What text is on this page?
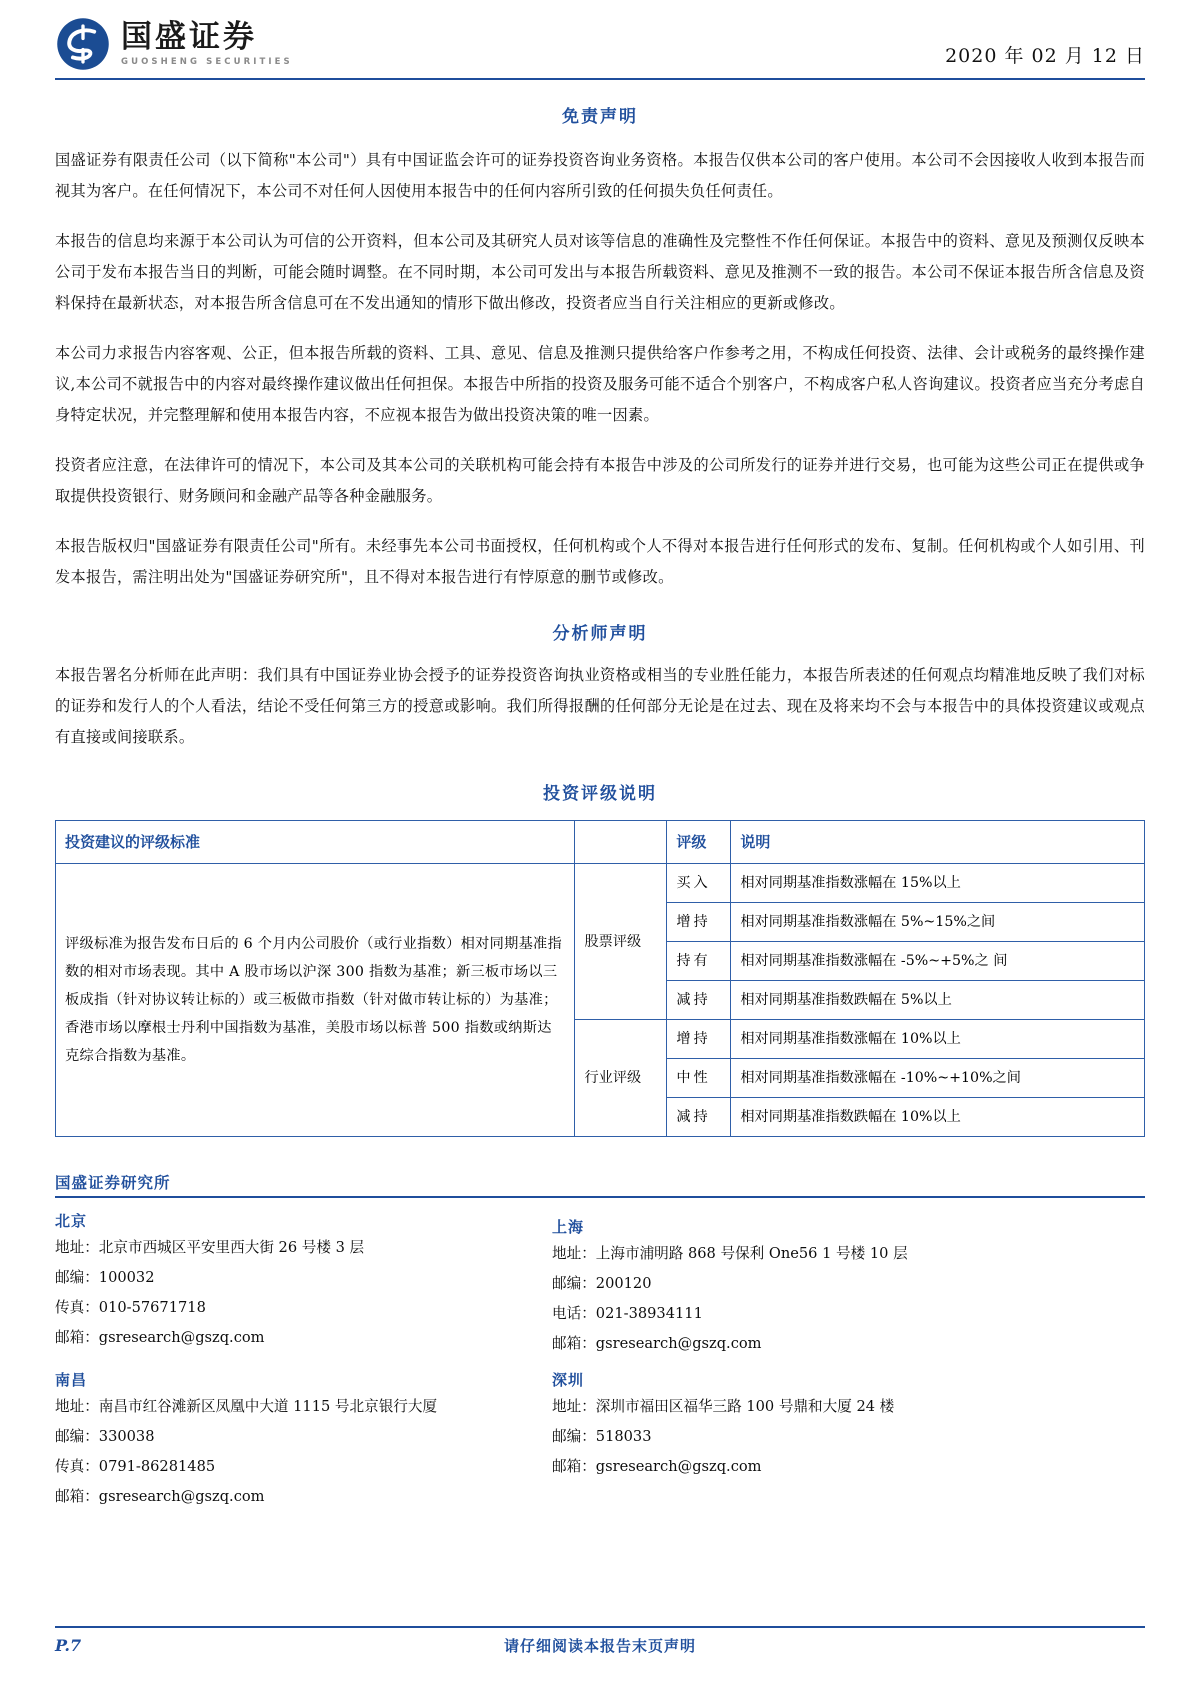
国盛证券
GUOSHENG SECURITIES	2020 年 02 月 12 日
免责声明

国盛证券有限责任公司（以下简称"本公司"）具有中国证监会许可的证券投资咨询业务资格。本报告仅供本公司的客户使用。本公司不会因接收人收到本报告而视其为客户。在任何情况下，本公司不对任何人因使用本报告中的任何内容所引致的任何损失负任何责任。

本报告的信息均来源于本公司认为可信的公开资料，但本公司及其研究人员对该等信息的准确性及完整性不作任何保证。本报告中的资料、意见及预测仅反映本公司于发布本报告当日的判断，可能会随时调整。在不同时期，本公司可发出与本报告所载资料、意见及推测不一致的报告。本公司不保证本报告所含信息及资料保持在最新状态，对本报告所含信息可在不发出通知的情形下做出修改，投资者应当自行关注相应的更新或修改。

本公司力求报告内容客观、公正，但本报告所载的资料、工具、意见、信息及推测只提供给客户作参考之用，不构成任何投资、法律、会计或税务的最终操作建议,本公司不就报告中的内容对最终操作建议做出任何担保。本报告中所指的投资及服务可能不适合个别客户，不构成客户私人咨询建议。投资者应当充分考虑自身特定状况，并完整理解和使用本报告内容，不应视本报告为做出投资决策的唯一因素。

投资者应注意，在法律许可的情况下，本公司及其本公司的关联机构可能会持有本报告中涉及的公司所发行的证券并进行交易，也可能为这些公司正在提供或争取提供投资银行、财务顾问和金融产品等各种金融服务。

本报告版权归"国盛证券有限责任公司"所有。未经事先本公司书面授权，任何机构或个人不得对本报告进行任何形式的发布、复制。任何机构或个人如引用、刊发本报告，需注明出处为"国盛证券研究所"，且不得对本报告进行有悖原意的删节或修改。

分析师声明

本报告署名分析师在此声明：我们具有中国证券业协会授予的证券投资咨询执业资格或相当的专业胜任能力，本报告所表述的任何观点均精准地反映了我们对标的证券和发行人的个人看法，结论不受任何第三方的授意或影响。我们所得报酬的任何部分无论是在过去、现在及将来均不会与本报告中的具体投资建议或观点有直接或间接联系。

投资评级说明
投资建议的评级标准		评级	说明
评级标准为报告发布日后的 6 个月内公司股价（或行业指数）相对同期基准指数的相对市场表现。其中 A 股市场以沪深 300 指数为基准；新三板市场以三板成指（针对协议转让标的）或三板做市指数（针对做市转让标的）为基准；香港市场以摩根士丹利中国指数为基准，美股市场以标普 500 指数或纳斯达克综合指数为基准。	股票评级	买入	相对同期基准指数涨幅在 15%以上
		增持	相对同期基准指数涨幅在 5%~15%之间
		持有	相对同期基准指数涨幅在 -5%~+5%之 间
		减持	相对同期基准指数跌幅在 5%以上
	行业评级	增持	相对同期基准指数涨幅在 10%以上
		中性	相对同期基准指数涨幅在 -10%~+10%之间
		减持	相对同期基准指数跌幅在 10%以上
国盛证券研究所
北京
地址：北京市西城区平安里西大街 26 号楼 3 层
邮编：100032
传真：010-57671718
邮箱：gsresearch@gszq.com
上海
地址：上海市浦明路 868 号保利 One56 1 号楼 10 层
邮编：200120
电话：021-38934111
邮箱：gsresearch@gszq.com
南昌
地址：南昌市红谷滩新区凤凰中大道 1115 号北京银行大厦
邮编：330038
传真：0791-86281485
邮箱：gsresearch@gszq.com
深圳
地址：深圳市福田区福华三路 100 号鼎和大厦 24 楼
邮编：518033
邮箱：gsresearch@gszq.com
P.7	请仔细阅读本报告末页声明
